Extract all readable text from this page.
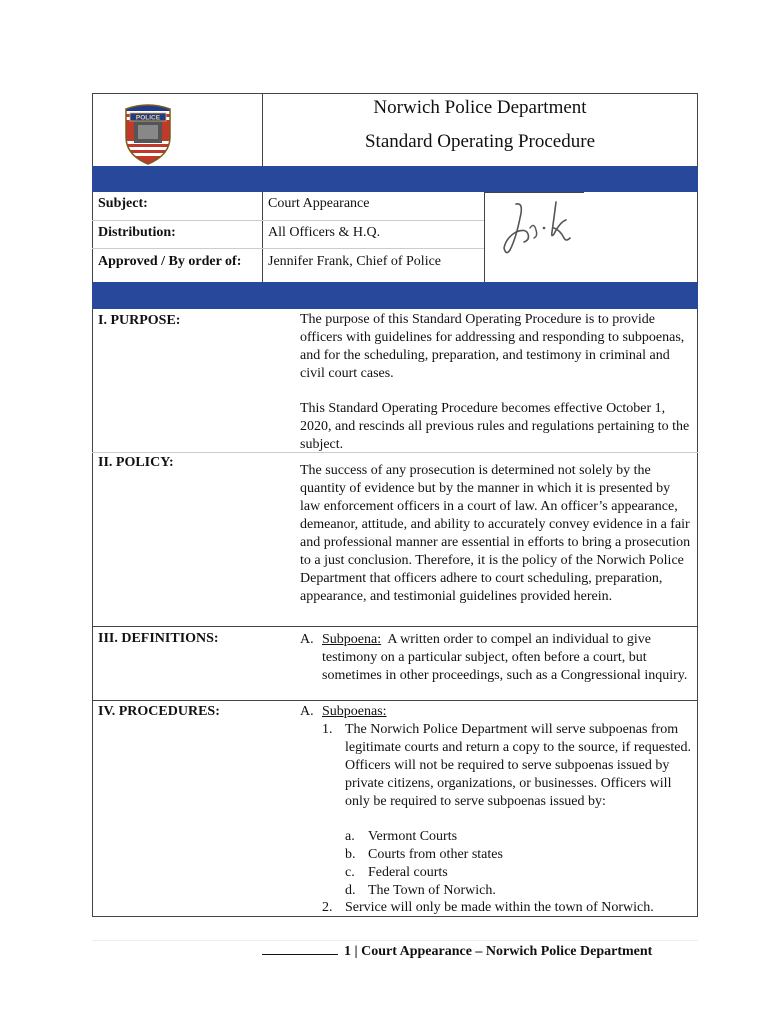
POLICE	Norwich Police Department
Standard Operating Procedure
Subject:	Court Appearance
Distribution:	All Officers & H.Q.
Approved / By order of: Jennifer Frank, Chief of Police
I. PURPOSE:	The purpose of this Standard Operating Procedure is to provide officers with guidelines for addressing and responding to subpoenas, and for the scheduling, preparation, and testimony in criminal and civil court cases.
This Standard Operating Procedure becomes effective October 1, 2020, and rescinds all previous rules and regulations pertaining to the subject.
II. POLICY:
The success of any prosecution is determined not solely by the quantity of evidence but by the manner in which it is presented by law enforcement officers in a court of law. An officer’s appearance, demeanor, attitude, and ability to accurately convey evidence in a fair and professional manner are essential in efforts to bring a prosecution to a just conclusion. Therefore, it is the policy of the Norwich Police Department that officers adhere to court scheduling, preparation, appearance, and testimonial guidelines provided herein.
III. DEFINITIONS:	A. Subpoena: A written order to compel an individual to give testimony on a particular subject, often before a court, but sometimes in other proceedings, such as a Congressional inquiry.
IV. PROCEDURES:	A. Subpoenas:
1. The Norwich Police Department will serve subpoenas from legitimate courts and return a copy to the source, if requested. Officers will not be required to serve subpoenas issued by private citizens, organizations, or businesses. Officers will only be required to serve subpoenas issued by:
a. Vermont Courts
b. Courts from other states
c. Federal courts
d. The Town of Norwich.
2. Service will only be made within the town of Norwich.
1 | Court Appearance – Norwich Police Department
